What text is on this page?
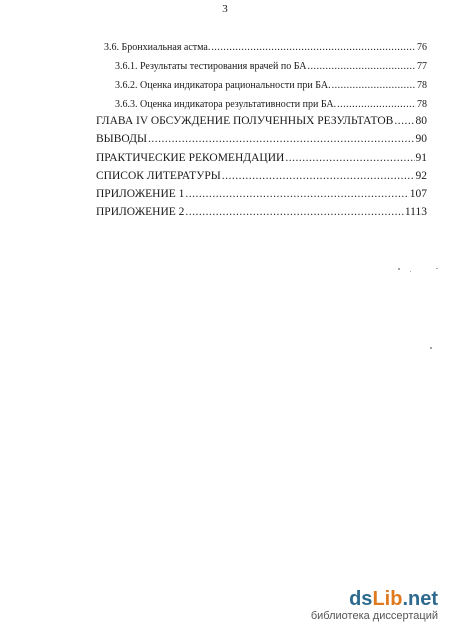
3
3.6. Бронхиальная астма. .....	76
3.6.1. Результаты тестирования врачей по БА .....	77
3.6.2. Оценка индикатора рациональности при БА. .....	78
3.6.3. Оценка индикатора результативности при БА. .....	78
ГЛАВА IV ОБСУЖДЕНИЕ ПОЛУЧЕННЫХ РЕЗУЛЬТАТОВ ..... 80
ВЫВОДЫ .....	90
ПРАКТИЧЕСКИЕ РЕКОМЕНДАЦИИ .....	91
СПИСОК ЛИТЕРАТУРЫ .....	92
ПРИЛОЖЕНИЕ 1 .....	107
ПРИЛОЖЕНИЕ 2 .....	1113
dsLib.net
библиотека диссертаций
